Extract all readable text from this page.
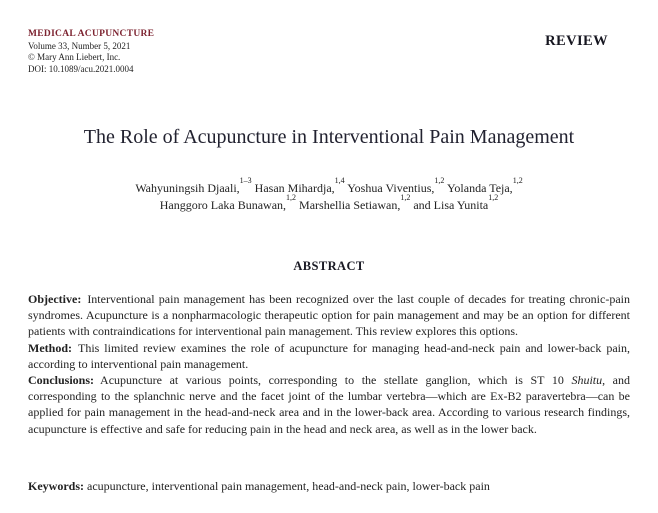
MEDICAL ACUPUNCTURE
Volume 33, Number 5, 2021
© Mary Ann Liebert, Inc.
DOI: 10.1089/acu.2021.0004
REVIEW
The Role of Acupuncture in Interventional Pain Management
Wahyuningsih Djaali,$^{1-3}$ Hasan Mihardja,$^{1,4}$ Yoshua Viventius,$^{1,2}$ Yolanda Teja,$^{1,2}$
Hanggoro Laka Bunawan,$^{1,2}$ Marshellia Setiawan,$^{1,2}$ and Lisa Yunita$^{1,2}$
ABSTRACT

Objective: Interventional pain management has been recognized over the last couple of decades for treating chronic-pain syndromes. Acupuncture is a nonpharmacologic therapeutic option for pain management and may be an option for different patients with contraindications for interventional pain management. This review explores this options.

Method: This limited review examines the role of acupuncture for managing head-and-neck pain and lower-back pain, according to interventional pain management.

Conclusions: Acupuncture at various points, corresponding to the stellate ganglion, which is ST 10 Shuitu, and corresponding to the splanchnic nerve and the facet joint of the lumbar vertebra—which are Ex-B2 paravertebra—can be applied for pain management in the head-and-neck area and in the lower-back area. According to various research findings, acupuncture is effective and safe for reducing pain in the head and neck area, as well as in the lower back.

Keywords: acupuncture, interventional pain management, head-and-neck pain, lower-back pain
